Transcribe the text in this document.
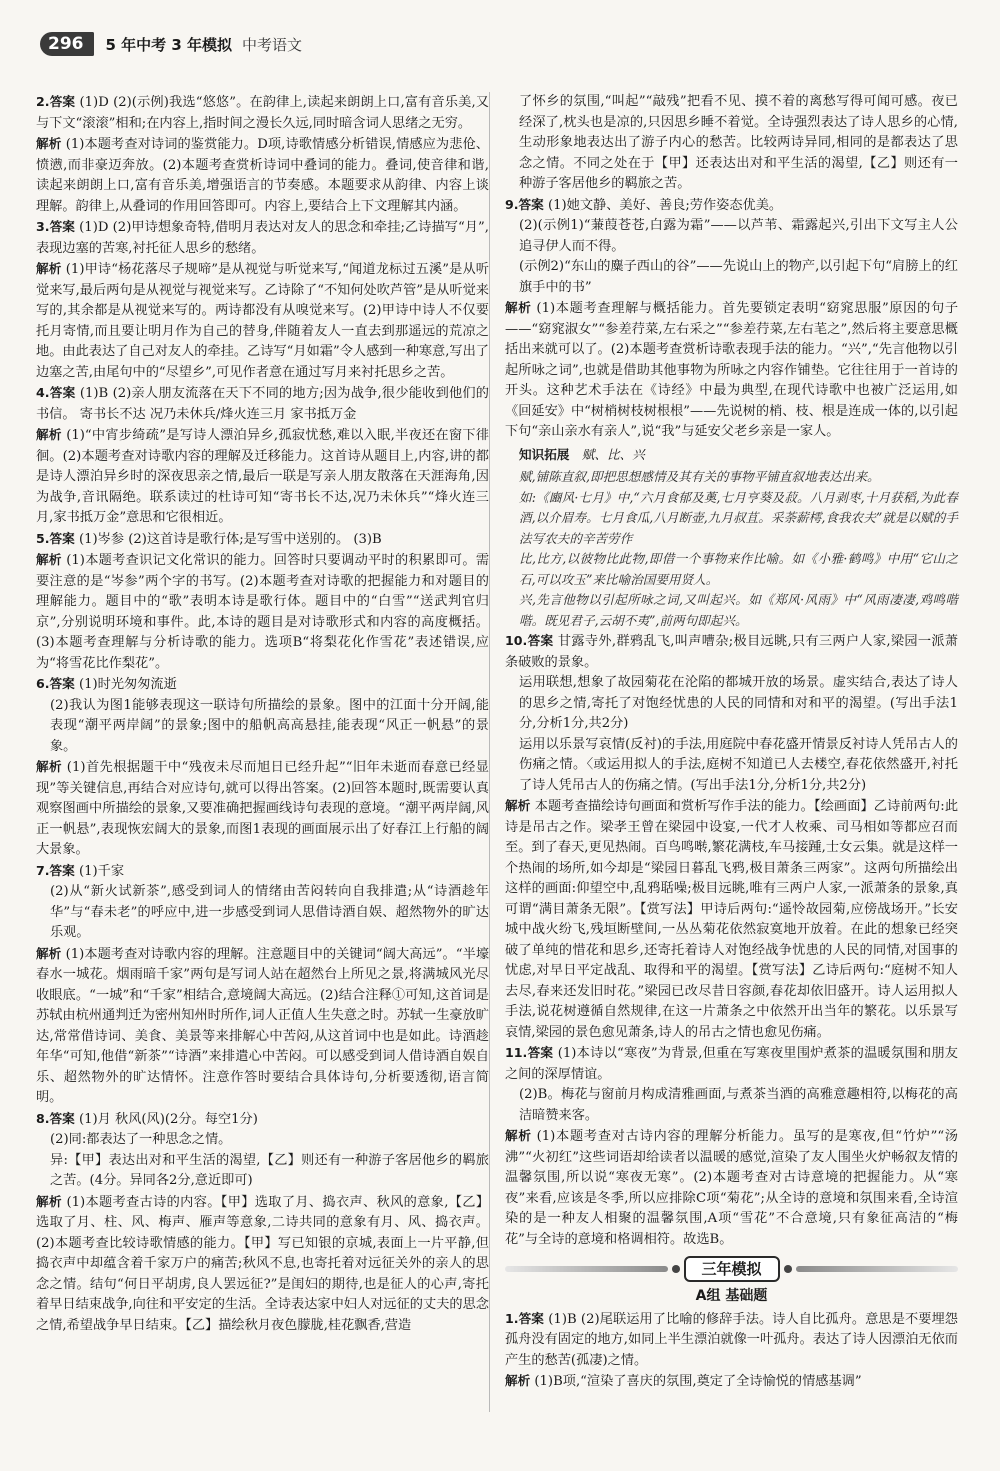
296	5 年中考 3 年模拟 中考语文

2.答案 (1)D (2)(示例)我选“悠悠”。在韵律上,读起来朗朗上口,富有音乐美,又与下文“滚滚”相和;在内容上,指时间之漫长久远,同时暗含词人思绪之无穷。

解析 (1)本题考查对诗词的鉴赏能力。D项,诗歌情感分析错误,情感应为悲伧、愤懑,而非豪迈奔放。(2)本题考查赏析诗词中叠词的能力。叠词,使音律和谐,读起来朗朗上口,富有音乐美,增强语言的节奏感。本题要求从韵律、内容上谈理解。韵律上,从叠词的作用回答即可。内容上,要结合上下文理解其内涵。

3.答案 (1)D (2)甲诗想象奇特,借明月表达对友人的思念和牵挂;乙诗描写“月”,表现边塞的苦寒,衬托征人思乡的愁绪。

解析 (1)甲诗“杨花落尽子规啼”是从视觉与听觉来写,“闻道龙标过五溪”是从听觉来写,最后两句是从视觉与视觉来写。乙诗除了“不知何处吹芦管”是从听觉来写的,其余都是从视觉来写的。两诗都没有从嗅觉来写。(2)甲诗中诗人不仅要托月寄情,而且要让明月作为自己的替身,伴随着友人一直去到那遥远的荒凉之地。由此表达了自己对友人的牵挂。乙诗写“月如霜”令人感到一种寒意,写出了边塞之苦,由尾句中的“尽望乡”,可见作者意在通过写月来衬托思乡之苦。

4.答案 (1)B (2)亲人朋友流落在天下不同的地方;因为战争,很少能收到他们的书信。 寄书长不达 况乃未休兵/烽火连三月 家书抵万金

解析 (1)“中宵步绮疏”是写诗人漂泊异乡,孤寂忧愁,难以入眠,半夜还在窗下徘徊。(2)本题考查对诗歌内容的理解及迁移能力。这首诗从题目上,内容,讲的都是诗人漂泊异乡时的深夜思亲之情,最后一联是写亲人朋友散落在天涯海角,因为战争,音讯隔绝。联系读过的杜诗可知“寄书长不达,况乃未休兵”“烽火连三月,家书抵万金”意思和它很相近。

5.答案 (1)岑参 (2)这首诗是歌行体;是写雪中送别的。 (3)B

解析 (1)本题考查识记文化常识的能力。回答时只要调动平时的积累即可。需要注意的是“岑参”两个字的书写。(2)本题考查对诗歌的把握能力和对题目的理解能力。题目中的“歌”表明本诗是歌行体。题目中的“白雪”“送武判官归京”,分别说明环境和事件。此,本诗的题目是对诗歌形式和内容的高度概括。(3)本题考查理解与分析诗歌的能力。选项B“将梨花化作雪花”表述错误,应为“将雪花比作梨花”。

6.答案 (1)时光匆匆流逝

(2)我认为图1能够表现这一联诗句所描绘的景象。图中的江面十分开阔,能表现“潮平两岸阔”的景象;图中的船帆高高悬挂,能表现“风正一帆悬”的景象。

解析 (1)首先根据题干中“残夜未尽而旭日已经升起”“旧年未逝而春意已经显现”等关键信息,再结合对应诗句,就可以得出答案。(2)回答本题时,既需要认真观察图画中所描绘的景象,又要准确把握画线诗句表现的意境。“潮平两岸阔,风正一帆悬”,表现恢宏阔大的景象,而图1表现的画面展示出了好春江上行船的阔大景象。

7.答案 (1)千家

(2)从“新火试新茶”,感受到词人的情绪由苦闷转向自我排遣;从“诗酒趁年华”与“春未老”的呼应中,进一步感受到词人思借诗酒自娱、超然物外的旷达乐观。

解析 (1)本题考查对诗歌内容的理解。注意题目中的关键词“阔大高远”。“半壕春水一城花。烟雨暗千家”两句是写词人站在超然台上所见之景,将满城风光尽收眼底。“一城”和“千家”相结合,意境阔大高远。(2)结合注释①可知,这首词是苏轼由杭州通判迁为密州知州时所作,词人正值人生失意之时。苏轼一生豪放旷达,常常借诗词、美食、美景等来排解心中苦闷,从这首词中也是如此。诗酒趁年华“可知,他借“新茶”“诗酒”来排遣心中苦闷。可以感受到词人借诗酒自娱自乐、超然物外的旷达情怀。注意作答时要结合具体诗句,分析要透彻,语言简明。

8.答案 (1)月 秋风(风)(2分。每空1分)

(2)同:都表达了一种思念之情。

异:【甲】表达出对和平生活的渴望,【乙】则还有一种游子客居他乡的羁旅之苦。(4分。异同各2分,意近即可)

解析 (1)本题考查古诗的内容。【甲】选取了月、捣衣声、秋风的意象,【乙】选取了月、柱、风、梅声、雁声等意象,二诗共同的意象有月、风、捣衣声。(2)本题考查比较诗歌情感的能力。【甲】写已知银的京城,表面上一片平静,但捣衣声中却蕴含着千家万户的痛苦;秋风不息,也寄托着对远征关外的亲人的思念之情。结句“何日平胡虏,良人罢远征?”是闺妇的期待,也是征人的心声,寄托着早日结束战争,向往和平安定的生活。全诗表达家中妇人对远征的丈夫的思念之情,希望战争早日结束。【乙】描绘秋月夜色朦胧,桂花飘香,营造

了怀乡的氛围,“叫起”“敲残”把看不见、摸不着的离愁写得可闻可感。夜已经深了,枕头也是凉的,只因思乡睡不着觉。全诗强烈表达了诗人思乡的心情,生动形象地表达出了游子内心的愁苦。比较两诗异同,相同的是都表达了思念之情。不同之处在于【甲】还表达出对和平生活的渴望,【乙】则还有一种游子客居他乡的羁旅之苦。

9.答案 (1)她文静、美好、善良;劳作姿态优美。

(2)(示例1)“蒹葭苍苍,白露为霜”——以芦苇、霜露起兴,引出下文写主人公追寻伊人而不得。

(示例2)“东山的麋子西山的谷”——先说山上的物产,以引起下句“肩膀上的红旗手中的书”

解析 (1)本题考查理解与概括能力。首先要锁定表明“窈窕思服”原因的句子——“窈窕淑女”“参差荇菜,左右采之”“参差荇菜,左右芼之”,然后将主要意思概括出来就可以了。(2)本题考查赏析诗歌表现手法的能力。“兴”,“先言他物以引起所咏之词”,也就是借助其他事物为所咏之内容作铺垫。它往往用于一首诗的开头。这种艺术手法在《诗经》中最为典型,在现代诗歌中也被广泛运用,如《回延安》中“树梢树枝树根根”——先说树的梢、枝、根是连成一体的,以引起下句“亲山亲水有亲人”,说“我”与延安父老乡亲是一家人。

知识拓展 赋、比、兴

赋,铺陈直叙,即把思想感情及其有关的事物平铺直叙地表达出来。

如:《豳风·七月》中,“六月食郁及薁,七月亨葵及菽。八月剥枣,十月获稻,为此春酒,以介眉寿。七月食瓜,八月断壶,九月叔苴。采荼薪樗,食我农夫”就是以赋的手法写农夫的辛苦劳作

比,比方,以彼物比此物,即借一个事物来作比喻。如《小雅·鹤鸣》中用“它山之石,可以攻玉”来比喻治国要用贤人。

兴,先言他物以引起所咏之词,又叫起兴。如《郑风·风雨》中“风雨凄凄,鸡鸣喈喈。既见君子,云胡不夷”,前两句即起兴。

10.答案 甘露寺外,群鸦乱飞,叫声嘈杂;极目远眺,只有三两户人家,梁园一派萧条破败的景象。

运用联想,想象了故园菊花在沦陷的都城开放的场景。虚实结合,表达了诗人的思乡之情,寄托了对饱经忧患的人民的同情和对和平的渴望。(写出手法1分,分析1分,共2分)

运用以乐景写哀情(反衬)的手法,用庭院中春花盛开情景反衬诗人凭吊古人的伤痛之情。〈或运用拟人的手法,庭树不知道已人去楼空,春花依然盛开,衬托了诗人凭吊古人的伤痛之情。(写出手法1分,分析1分,共2分)

解析 本题考查描绘诗句画面和赏析写作手法的能力。【绘画面】乙诗前两句:此诗是吊古之作。梁孝王曾在梁园中设宴,一代才人枚乘、司马相如等都应召而至。到了春天,更见热闹。百鸟鸣啭,繁花满枝,车马接踵,士女云集。就是这样一个热闹的场所,如今却是“梁园日暮乱飞鸦,极目萧条三两家”。这两句所描绘出这样的画面:仰望空中,乱鸦聒噪;极目远眺,唯有三两户人家,一派萧条的景象,真可谓“满目萧条无限”。【赏写法】甲诗后两句:“遥怜故园菊,应傍战场开。”长安城中战火纷飞,残垣断壁间,一丛丛菊花依然寂寞地开放着。在此的想象已经突破了单纯的惜花和思乡,还寄托着诗人对饱经战争忧患的人民的同情,对国事的忧虑,对早日平定战乱、取得和平的渴望。【赏写法】乙诗后两句:“庭树不知人去尽,春来还发旧时花。”梁园已改尽昔日容颜,春花却依旧盛开。诗人运用拟人手法,说花树遵循自然规律,在这一片萧条之中依然开出当年的繁花。以乐景写哀情,梁园的景色愈见萧条,诗人的吊古之情也愈见伤痛。

11.答案 (1)本诗以“寒夜”为背景,但重在写寒夜里围炉煮茶的温暖氛围和朋友之间的深厚情谊。

(2)B。梅花与窗前月构成清雅画面,与煮茶当酒的高雅意趣相符,以梅花的高洁暗赞来客。

解析 (1)本题考查对古诗内容的理解分析能力。虽写的是寒夜,但“竹炉”“汤沸”“火初红”这些词语却给读者以温暖的感觉,渲染了友人围坐火炉畅叙友情的温馨氛围,所以说“寒夜无寒”。(2)本题考查对古诗意境的把握能力。从“寒夜”来看,应该是冬季,所以应排除C项“菊花”;从全诗的意境和氛围来看,全诗渲染的是一种友人相聚的温馨氛围,A项“雪花”不合意境,只有象征高洁的“梅花”与全诗的意境和格调相符。故选B。

三年模拟
A组 基础题

1.答案 (1)B (2)尾联运用了比喻的修辞手法。诗人自比孤舟。意思是不要埋怨孤舟没有固定的地方,如同上半生漂泊就像一叶孤舟。表达了诗人因漂泊无依而产生的愁苦(孤凄)之情。

解析 (1)B项,“渲染了喜庆的氛围,奠定了全诗愉悦的情感基调”
